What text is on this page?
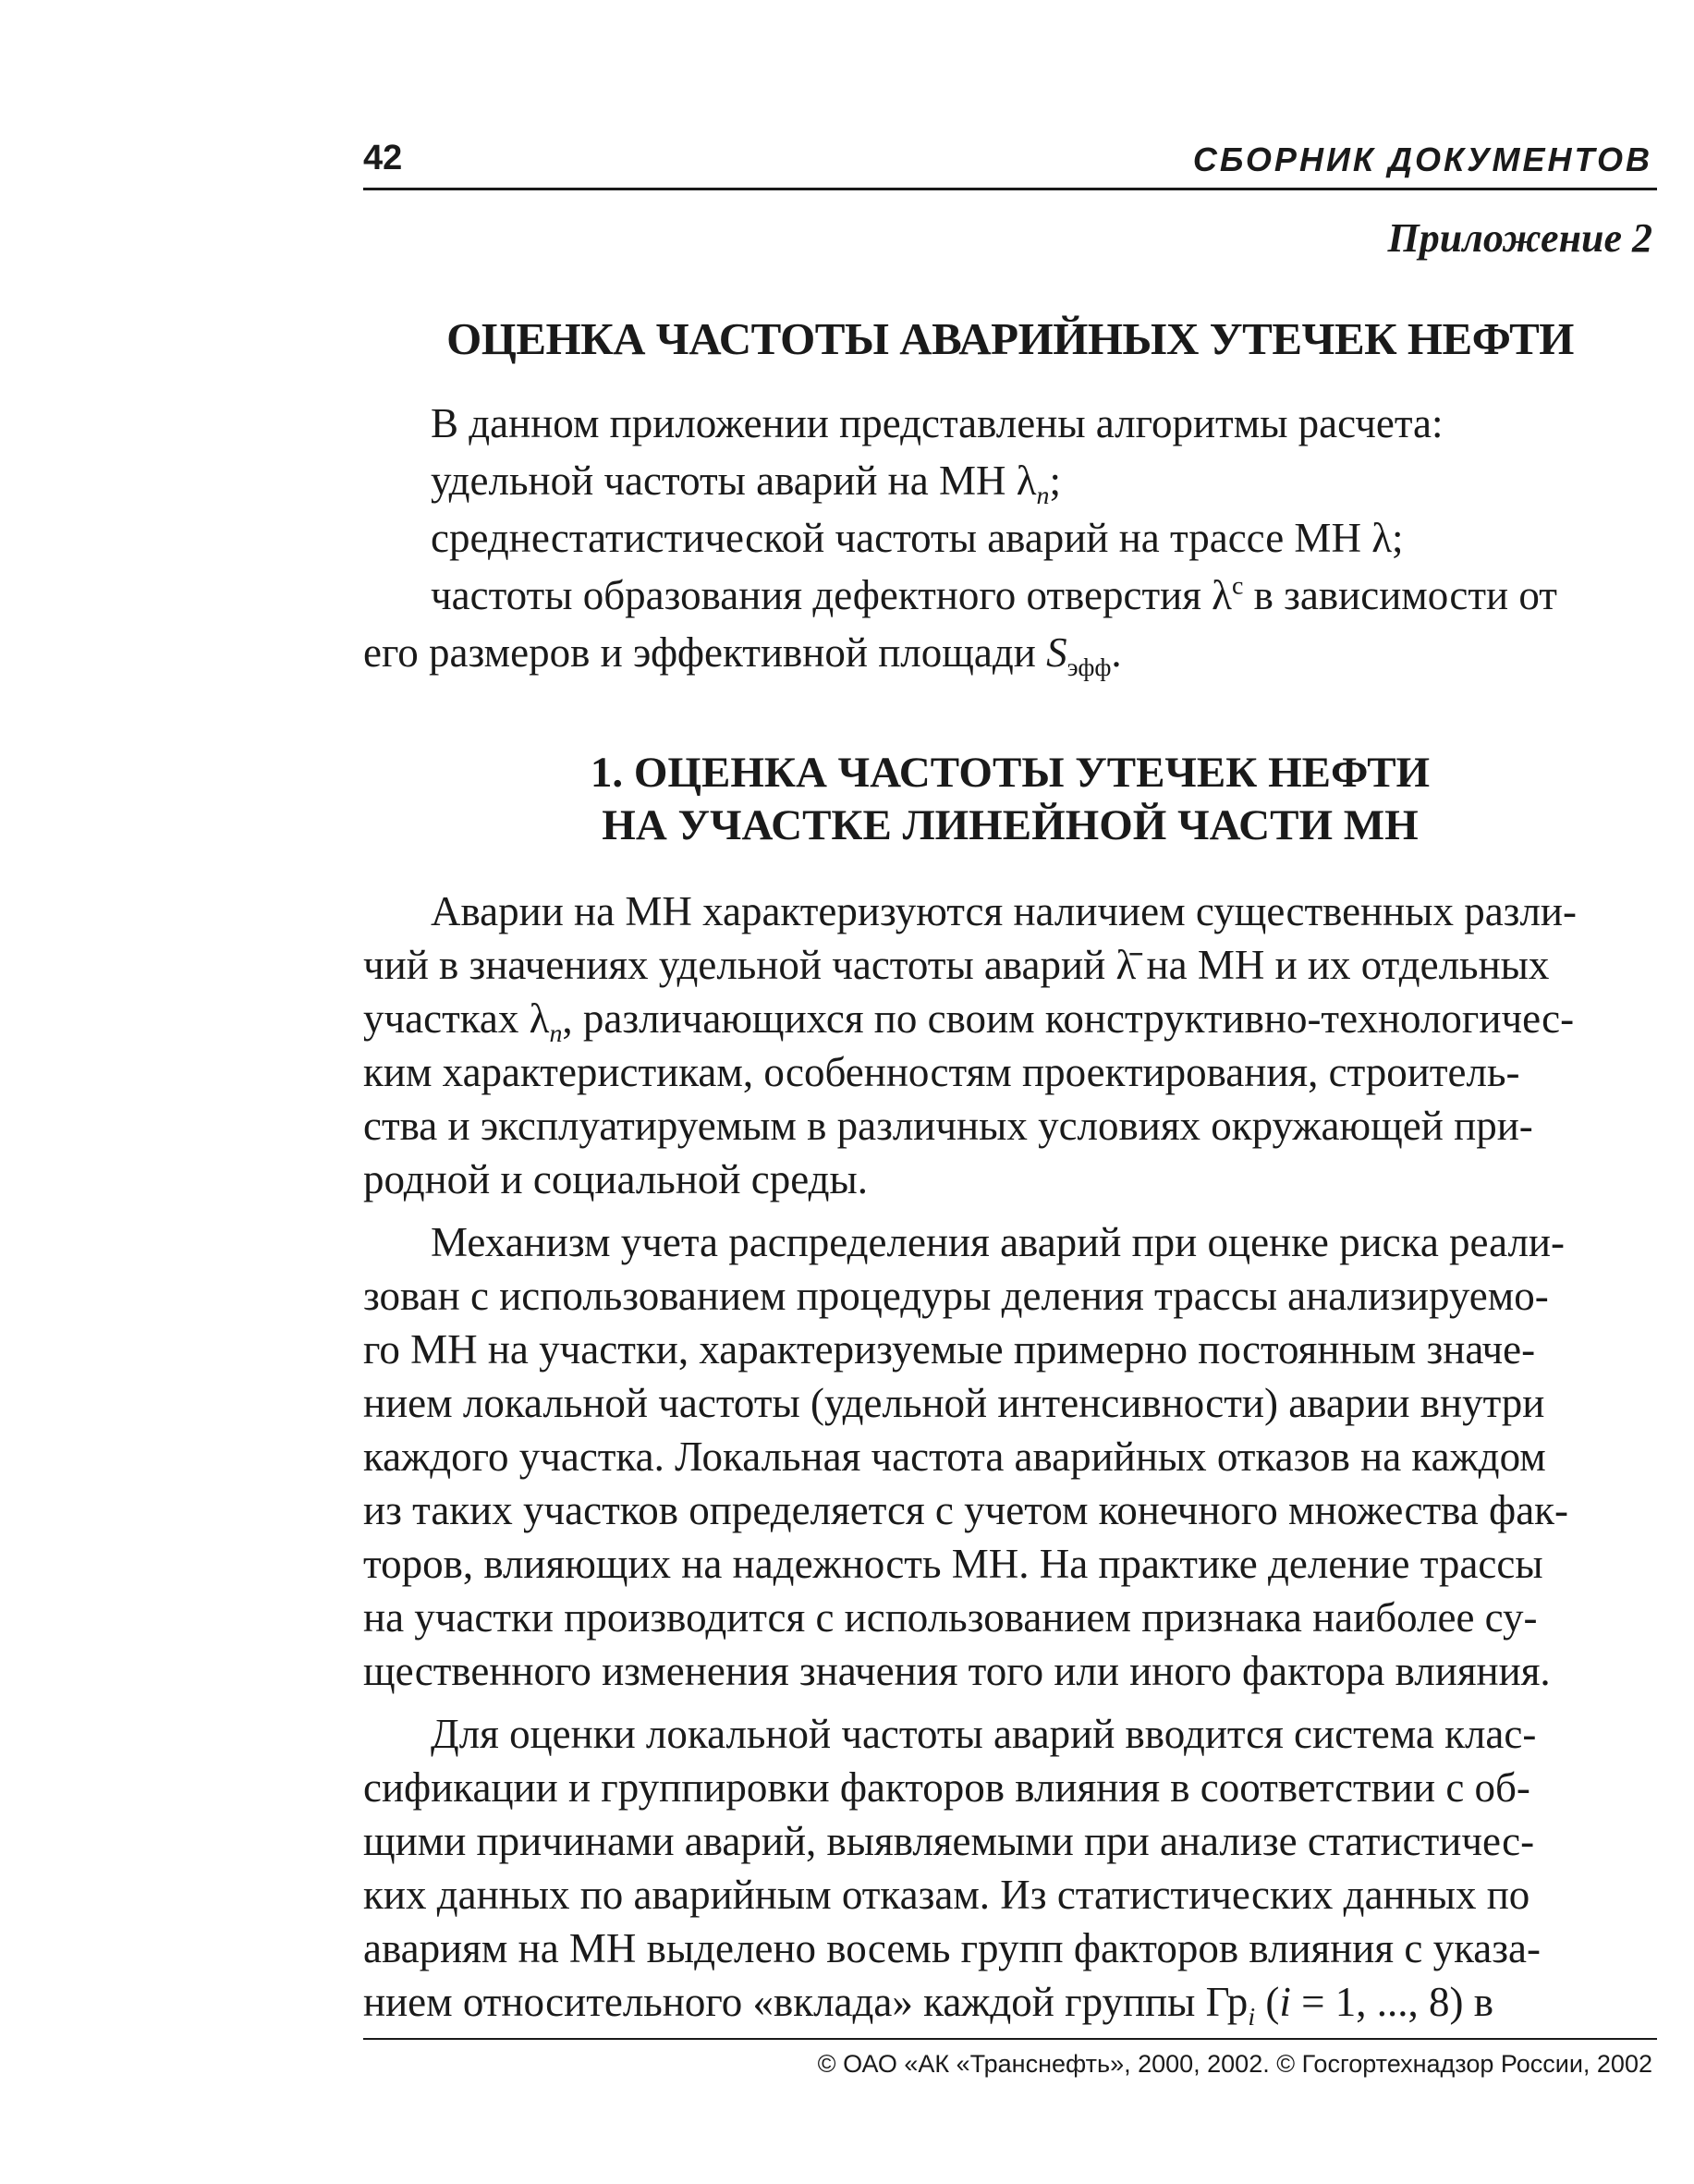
42	СБОРНИК ДОКУМЕНТОВ
Приложение 2
ОЦЕНКА ЧАСТОТЫ АВАРИЙНЫХ УТЕЧЕК НЕФТИ
В данном приложении представлены алгоритмы расчета:
удельной частоты аварий на МН $\lambda_n$;
среднестатистической частоты аварий на трассе МН λ;
частоты образования дефектного отверстия $\lambda^c$ в зависимости от
его размеров и эффективной площади $S_{эфф}$.
1. ОЦЕНКА ЧАСТОТЫ УТЕЧЕК НЕФТИ
НА УЧАСТКЕ ЛИНЕЙНОЙ ЧАСТИ МН
Аварии на МН характеризуются наличием существенных разли-
чий в значениях удельной частоты аварий λ̄ на МН и их отдельных
участках $\lambda_n$, различающихся по своим конструктивно-технологичес-
ким характеристикам, особенностям проектирования, строитель-
ства и эксплуатируемым в различных условиях окружающей при-
родной и социальной среды.
Механизм учета распределения аварий при оценке риска реали-
зован с использованием процедуры деления трассы анализируемо-
го МН на участки, характеризуемые примерно постоянным значе-
нием локальной частоты (удельной интенсивности) аварии внутри
каждого участка. Локальная частота аварийных отказов на каждом
из таких участков определяется с учетом конечного множества фак-
торов, влияющих на надежность МН. На практике деление трассы
на участки производится с использованием признака наиболее су-
щественного изменения значения того или иного фактора влияния.
Для оценки локальной частоты аварий вводится система клас-
сификации и группировки факторов влияния в соответствии с об-
щими причинами аварий, выявляемыми при анализе статистичес-
ких данных по аварийным отказам. Из статистических данных по
авариям на МН выделено восемь групп факторов влияния с указа-
нием относительного «вклада» каждой группы $Гр_i$ (i = 1, ..., 8) в
© ОАО «АК «Транснефть», 2000, 2002. © Госгортехнадзор России, 2002
